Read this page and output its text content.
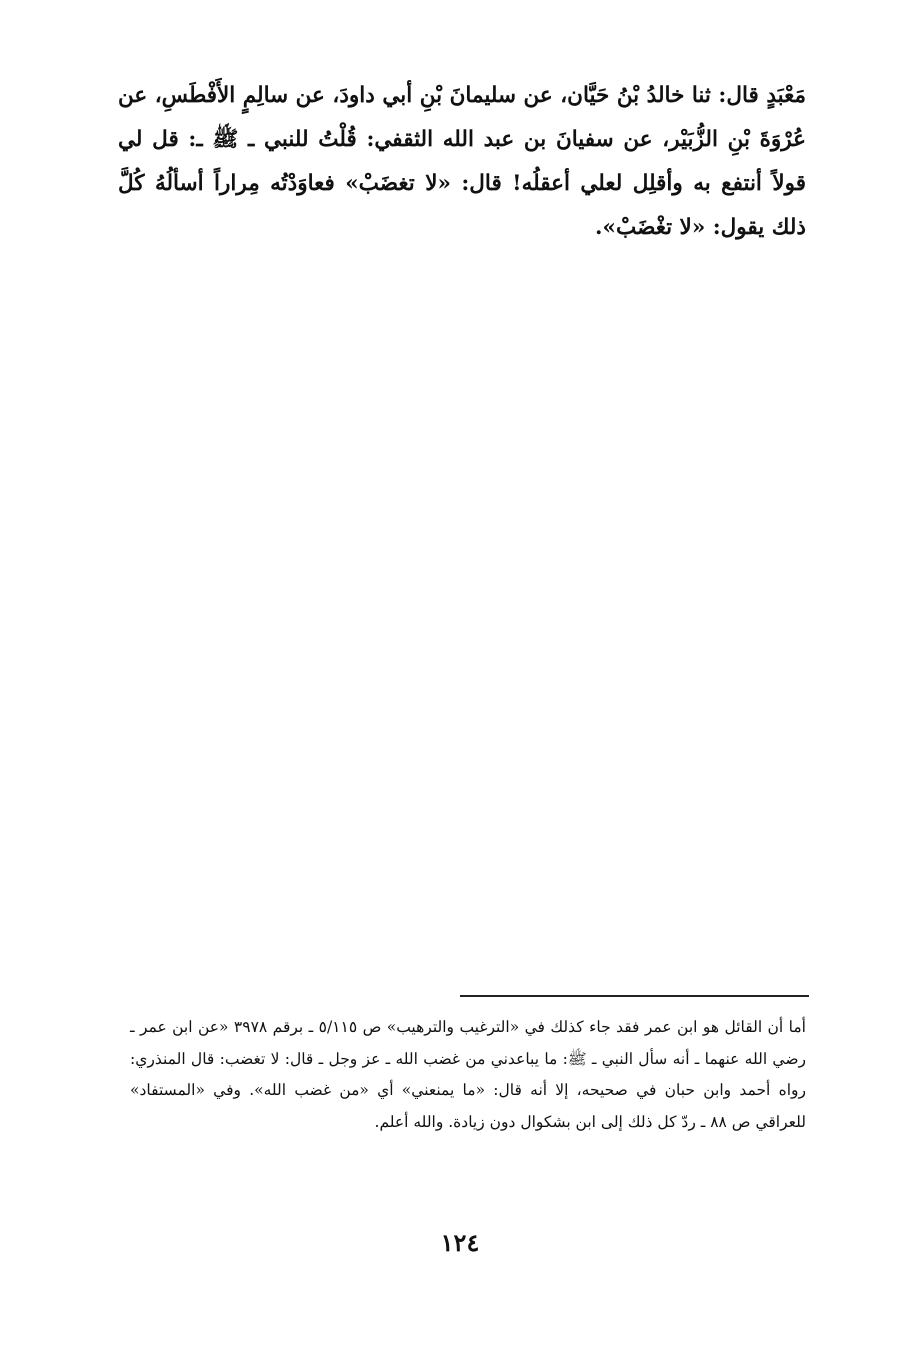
مَعْبَدٍ قال: ثنا خالدُ بْنُ حَيَّان، عن سليمانَ بْنِ أبي داودَ، عن سالِمٍ الأَفْطَسِ، عن عُرْوَةَ بْنِ الزُّبَيْر، عن سفيانَ بن عبد الله الثقفي: قُلْتُ للنبي ـ ﷺ ـ: قل لي قولاً أنتفع به وأقلِل لعلي أعقلُه! قال: «لا تغضَبْ» فعاوَدْتُه مِراراً أسألُهُ كُلَّ ذلك يقول: «لا تغْضَبْ».

أما أن القائل هو ابن عمر فقد جاء كذلك في «الترغيب والترهيب» ص ٥/١١٥ ـ برقم ٣٩٧٨ «عن ابن عمر ـ رضي الله عنهما ـ أنه سأل النبي ـ ﷺ: ما يباعدني من غضب الله ـ عز وجل ـ قال: لا تغضب: قال المنذري: رواه أحمد وابن حبان في صحيحه، إلا أنه قال: «ما يمنعني» أي «من غضب الله». وفي «المستفاد» للعراقي ص ٨٨ ـ ردّ كل ذلك إلى ابن بشكوال دون زيادة. والله أعلم.

١٢٤
